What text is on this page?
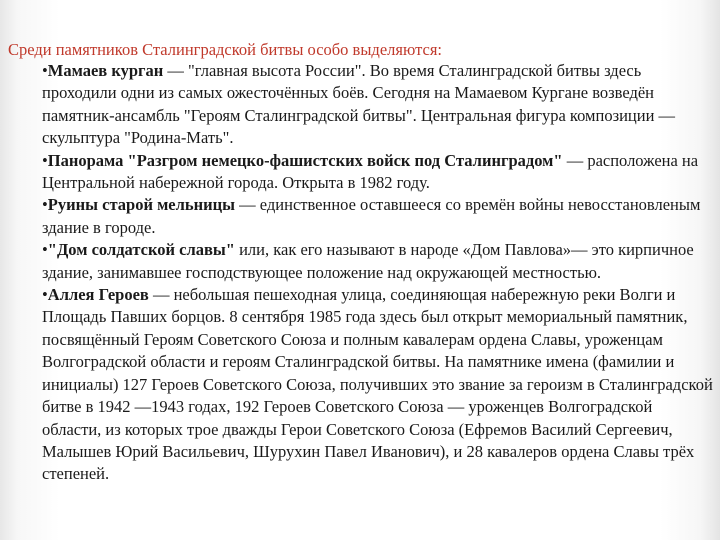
Среди памятников Сталинградской битвы особо выделяются:

•Мамаев курган — "главная высота России". Во время Сталинградской битвы здесь проходили одни из самых ожесточённых боёв. Сегодня на Мамаевом Кургане возведён памятник-ансамбль "Героям Сталинградской битвы". Центральная фигура композиции — скульптура "Родина-Мать".

•Панорама "Разгром немецко-фашистских войск под Сталинградом" — расположена на Центральной набережной города. Открыта в 1982 году.

•Руины старой мельницы — единственное оставшееся со времён войны невосстановленым здание в городе.

•"Дом солдатской славы" или, как его называют в народе «Дом Павлова»— это кирпичное здание, занимавшее господствующее положение над окружающей местностью.

•Аллея Героев — небольшая пешеходная улица, соединяющая набережную реки Волги и Площадь Павших борцов. 8 сентября 1985 года здесь был открыт мемориальный памятник, посвящённый Героям Советского Союза и полным кавалерам ордена Славы, уроженцам Волгоградской области и героям Сталинградской битвы. На памятнике имена (фамилии и инициалы) 127 Героев Советского Союза, получивших это звание за героизм в Сталинградской битве в 1942 —1943 годах, 192 Героев Советского Союза — уроженцев Волгоградской области, из которых трое дважды Герои Советского Союза (Ефремов Василий Сергеевич, Малышев Юрий Васильевич, Шурухин Павел Иванович), и 28 кавалеров ордена Славы трёх степеней.
